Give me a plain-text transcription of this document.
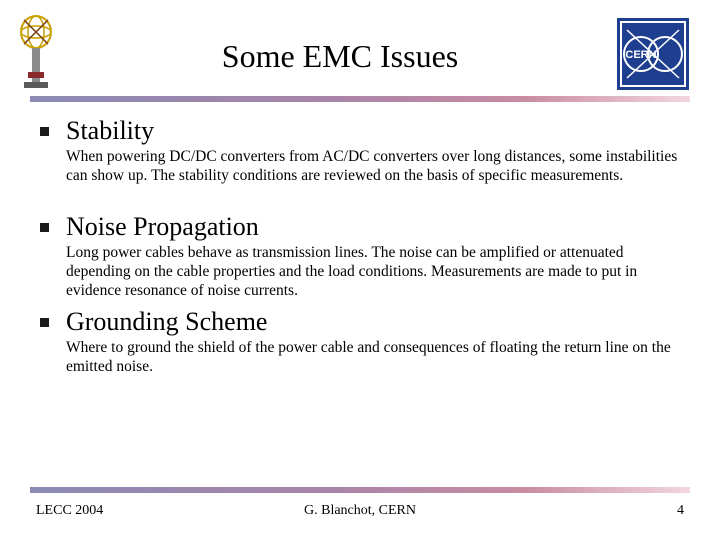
Some EMC Issues	CERN
Stability
When powering DC/DC converters from AC/DC converters over long distances, some instabilities can show up. The stability conditions are reviewed on the basis of specific measurements.
Noise Propagation
Long power cables behave as transmission lines. The noise can be amplified or attenuated depending on the cable properties and the load conditions. Measurements are made to put in evidence resonance of noise currents.
Grounding Scheme
Where to ground the shield of the power cable and consequences of floating the return line on the emitted noise.
LECC 2004	G. Blanchot, CERN	4
